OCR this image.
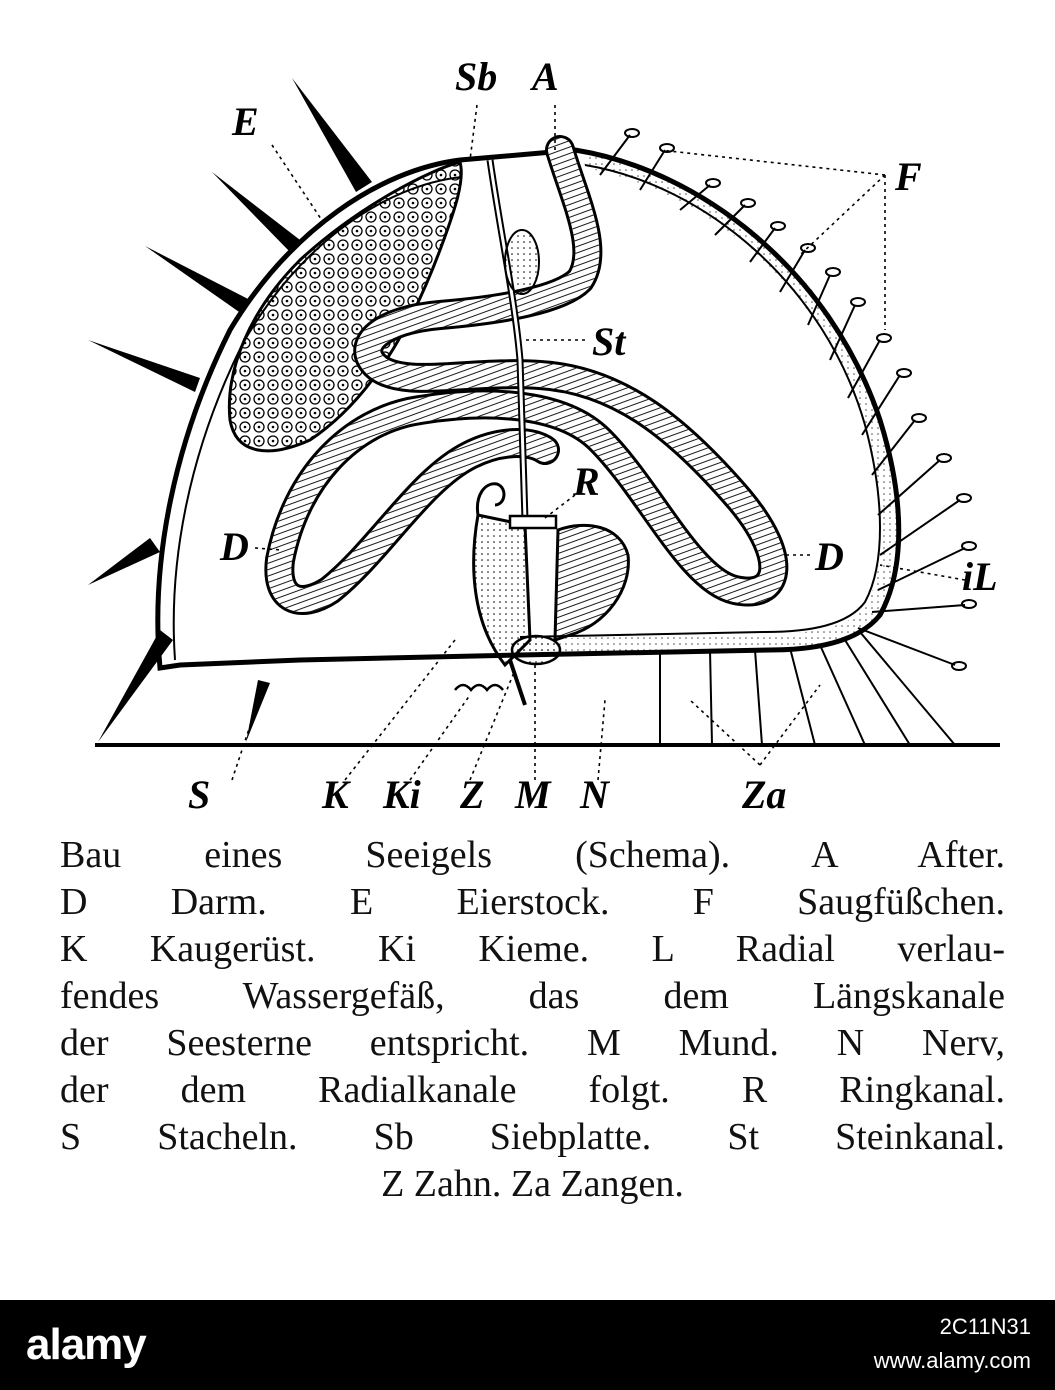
Sb A
E
F
St
R
D	D	iL
S	K Ki Z M N	Za
Bau eines Seeigels (Schema). A After.
D Darm. E Eierstock. F Saugfüßchen.
K Kaugerüst. Ki Kieme. L Radial verlau-
fendes Wassergefäß, das dem Längskanale
der Seesterne entspricht. M Mund. N Nerv,
der dem Radialkanale folgt. R Ringkanal.
S Stacheln. Sb Siebplatte. St Steinkanal.
Z Zahn. Za Zangen.
alamy	2C11N31
www.alamy.com
